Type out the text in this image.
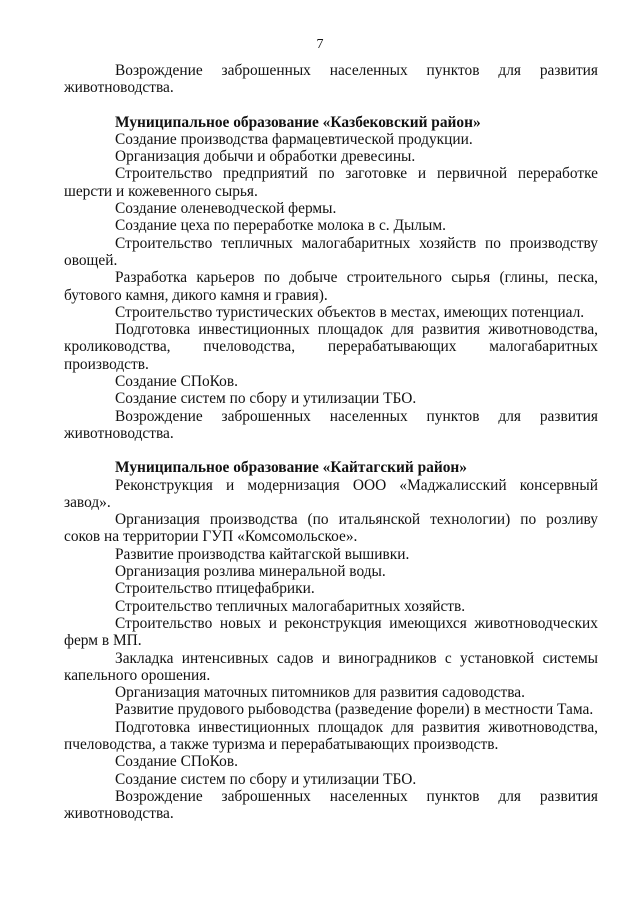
7

Возрождение заброшенных населенных пунктов для развития животноводства.

Муниципальное образование «Казбековский район»

Создание производства фармацевтической продукции.

Организация добычи и обработки древесины.

Строительство предприятий по заготовке и первичной переработке шерсти и кожевенного сырья.

Создание оленеводческой фермы.

Создание цеха по переработке молока в с. Дылым.

Строительство тепличных малогабаритных хозяйств по производству овощей.

Разработка карьеров по добыче строительного сырья (глины, песка, бутового камня, дикого камня и гравия).

Строительство туристических объектов в местах, имеющих потенциал.

Подготовка инвестиционных площадок для развития животноводства, кролиководства, пчеловодства, перерабатывающих малогабаритных производств.

Создание СПоКов.

Создание систем по сбору и утилизации ТБО.

Возрождение заброшенных населенных пунктов для развития животноводства.

Муниципальное образование «Кайтагский район»

Реконструкция и модернизация ООО «Маджалисский консервный завод».

Организация производства (по итальянской технологии) по розливу соков на территории ГУП «Комсомольское».

Развитие производства кайтагской вышивки.

Организация розлива минеральной воды.

Строительство птицефабрики.

Строительство тепличных малогабаритных хозяйств.

Строительство новых и реконструкция имеющихся животноводческих ферм в МП.

Закладка интенсивных садов и виноградников с установкой системы капельного орошения.

Организация маточных питомников для развития садоводства.

Развитие прудового рыбоводства (разведение форели) в местности Тама.

Подготовка инвестиционных площадок для развития животноводства, пчеловодства, а также туризма и перерабатывающих производств.

Создание СПоКов.

Создание систем по сбору и утилизации ТБО.

Возрождение заброшенных населенных пунктов для развития животноводства.
